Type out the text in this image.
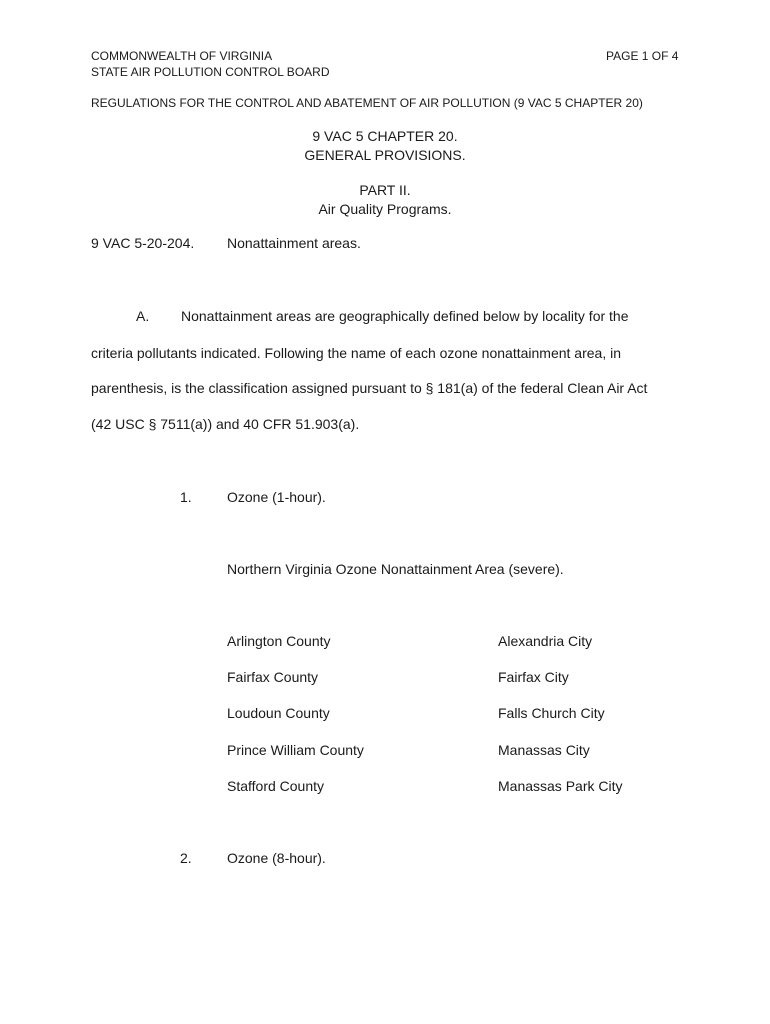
COMMONWEALTH OF VIRGINIA
STATE AIR POLLUTION CONTROL BOARD
PAGE 1 OF 4
REGULATIONS FOR THE CONTROL AND ABATEMENT OF AIR POLLUTION (9 VAC 5 CHAPTER 20)
9 VAC 5 CHAPTER 20.
GENERAL PROVISIONS.
PART II.
Air Quality Programs.
9 VAC 5-20-204. Nonattainment areas.
A. Nonattainment areas are geographically defined below by locality for the
criteria pollutants indicated. Following the name of each ozone nonattainment area, in
parenthesis, is the classification assigned pursuant to § 181(a) of the federal Clean Air Act
(42 USC § 7511(a)) and 40 CFR 51.903(a).
1.	Ozone (1-hour).
Northern Virginia Ozone Nonattainment Area (severe).
Arlington County	Alexandria City
Fairfax County	Fairfax City
Loudoun County	Falls Church City
Prince William County	Manassas City
Stafford County	Manassas Park City
2.	Ozone (8-hour).
